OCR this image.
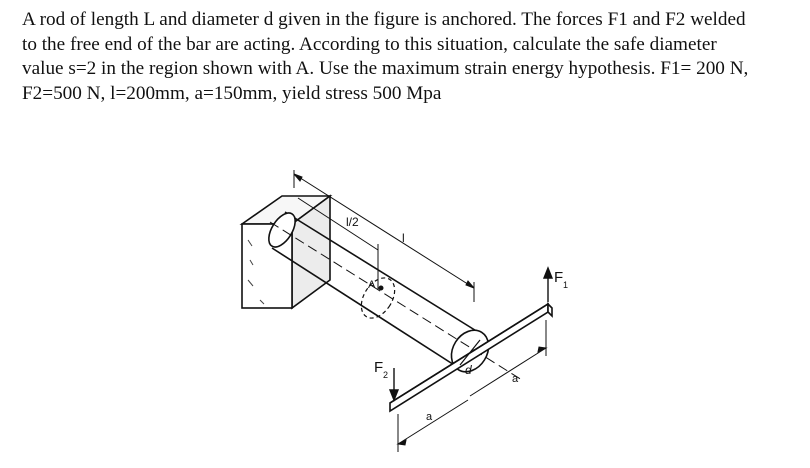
A rod of length L and diameter d given in the figure is anchored. The forces F1 and F2 welded
to the free end of the bar are acting. According to this situation, calculate the safe diameter
value s=2 in the region shown with A. Use the maximum strain energy hypothesis. F1= 200 N,
F2=500 N, l=200mm, a=150mm, yield stress 500 Mpa
d
l/2
l
A	F 1
F 2	a
a
